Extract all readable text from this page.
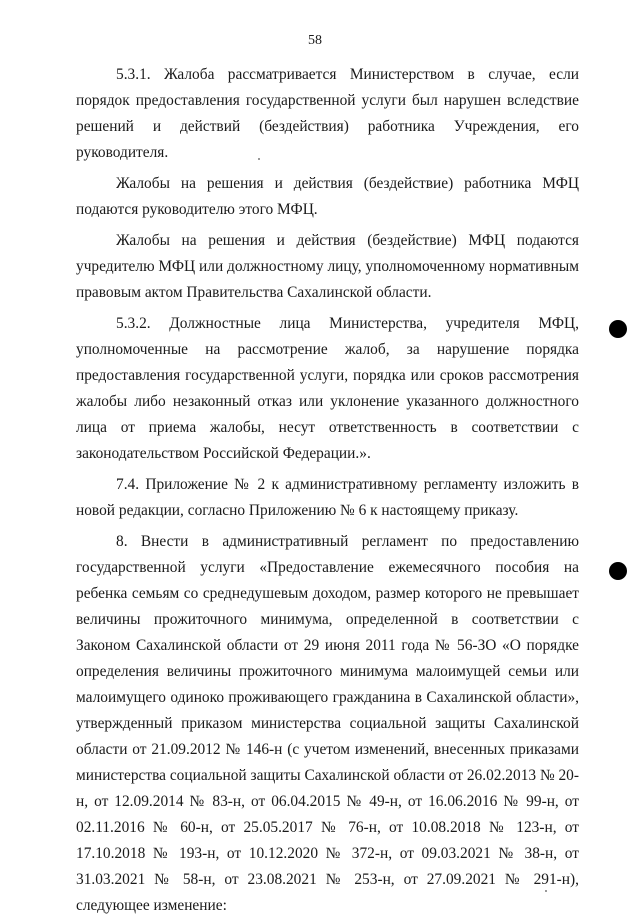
58

5.3.1. Жалоба рассматривается Министерством в случае, если порядок предоставления государственной услуги был нарушен вследствие решений и действий (бездействия) работника Учреждения, его руководителя.

Жалобы на решения и действия (бездействие) работника МФЦ подаются руководителю этого МФЦ.

Жалобы на решения и действия (бездействие) МФЦ подаются учредителю МФЦ или должностному лицу, уполномоченному нормативным правовым актом Правительства Сахалинской области.

5.3.2. Должностные лица Министерства, учредителя МФЦ, уполномоченные на рассмотрение жалоб, за нарушение порядка предоставления государственной услуги, порядка или сроков рассмотрения жалобы либо незаконный отказ или уклонение указанного должностного лица от приема жалобы, несут ответственность в соответствии с законодательством Российской Федерации.».

7.4. Приложение № 2 к административному регламенту изложить в новой редакции, согласно Приложению № 6 к настоящему приказу.

8. Внести в административный регламент по предоставлению государственной услуги «Предоставление ежемесячного пособия на ребенка семьям со среднедушевым доходом, размер которого не превышает величины прожиточного минимума, определенной в соответствии с Законом Сахалинской области от 29 июня 2011 года № 56-ЗО «О порядке определения величины прожиточного минимума малоимущей семьи или малоимущего одиноко проживающего гражданина в Сахалинской области», утвержденный приказом министерства социальной защиты Сахалинской области от 21.09.2012 № 146-н (с учетом изменений, внесенных приказами министерства социальной защиты Сахалинской области от 26.02.2013 № 20-н, от 12.09.2014 № 83-н, от 06.04.2015 № 49-н, от 16.06.2016 № 99-н, от 02.11.2016 № 60-н, от 25.05.2017 № 76-н, от 10.08.2018 № 123-н, от 17.10.2018 № 193-н, от 10.12.2020 № 372-н, от 09.03.2021 № 38-н, от 31.03.2021 № 58-н, от 23.08.2021 № 253-н, от 27.09.2021 № 291-н), следующее изменение:
